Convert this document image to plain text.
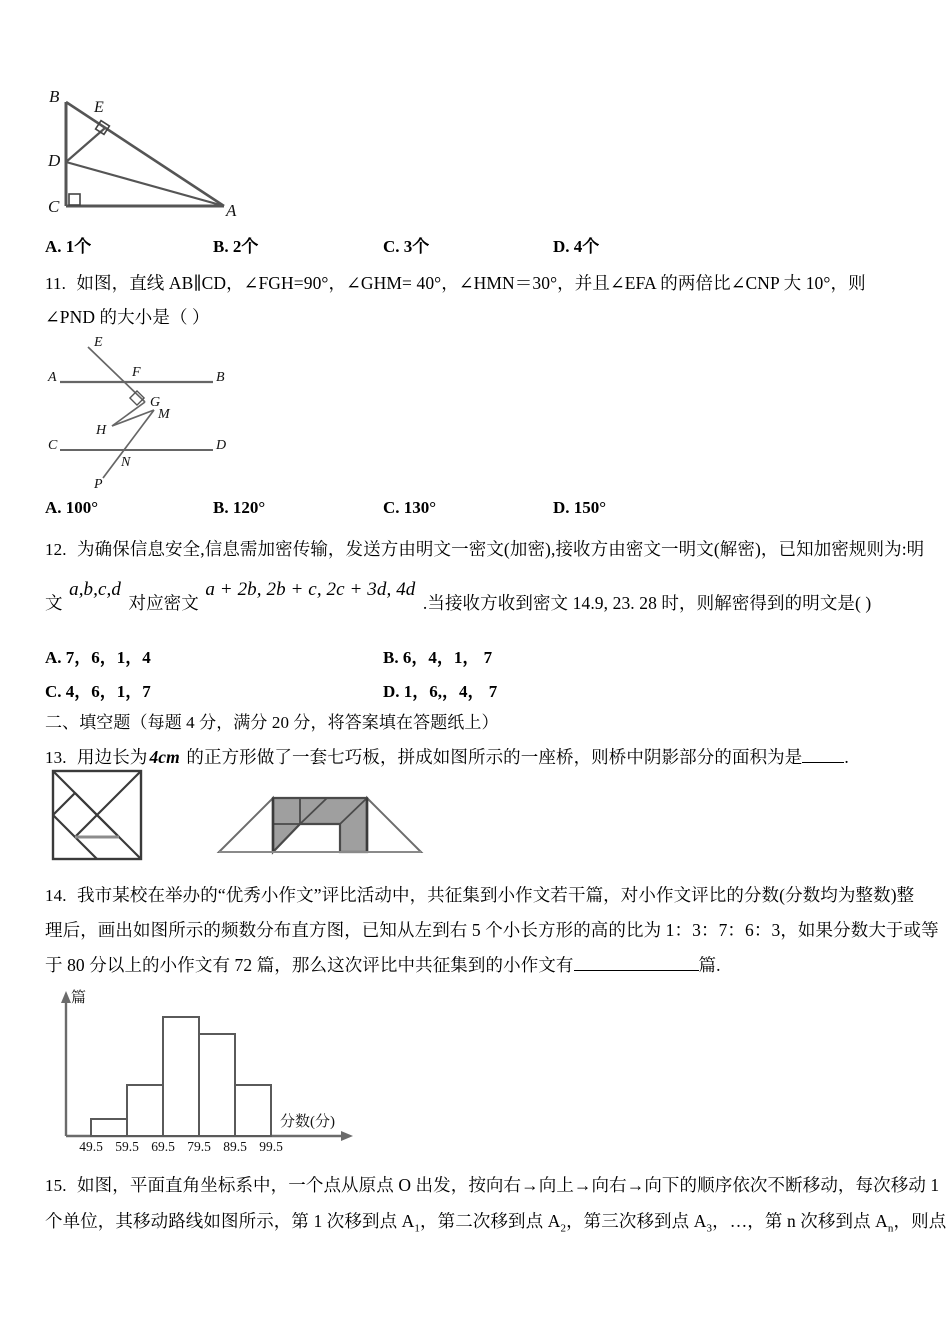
B
E
D
C	A
A. 1个	B. 2个	C. 3个	D. 4个
11. 如图，直线 AB∥CD，∠FGH=90°，∠GHM= 40°，∠HMN＝30°，并且∠EFA 的两倍比∠CNP 大 10°，则
∠PND 的大小是（ ）
E
A	F	B
G
M
H
C
N
D
P
A. 100°	B. 120°	C. 130°	D. 150°
12. 为确保信息安全,信息需加密传输，发送方由明文一密文(加密),接收方由密文一明文(解密)，已知加密规则为:明
文 a,b,c,d 对应密文 a + 2b, 2b + c, 2c + 3d, 4d .当接收方收到密文 14.9, 23. 28 时，则解密得到的明文是( )
A. 7，6，1，4	B. 6，4，1， 7
C. 4，6，1，7	D. 1，6,，4， 7
二、填空题（每题 4 分，满分 20 分，将答案填在答题纸上）
13. 用边长为 4cm 的正方形做了一套七巧板，拼成如图所示的一座桥，则桥中阴影部分的面积为是 .
14. 我市某校在举办的“优秀小作文”评比活动中，共征集到小作文若干篇，对小作文评比的分数(分数均为整数)整
理后，画出如图所示的频数分布直方图，已知从左到右 5 个小长方形的高的比为 1：3：7：6：3，如果分数大于或等
于 80 分以上的小作文有 72 篇，那么这次评比中共征集到的小作文有	篇.
篇
分数(分)
49.5 59.5 69.5 79.5 89.5 99.5
15. 如图，平面直角坐标系中，一个点从原点 O 出发，按向右→向上→向右→向下的顺序依次不断移动，每次移动 1
个单位，其移动路线如图所示，第 1 次移到点 $A_1$，第二次移到点 $A_2$，第三次移到点 $A_3$，…，第 n 次移到点 $A_n$，则点
